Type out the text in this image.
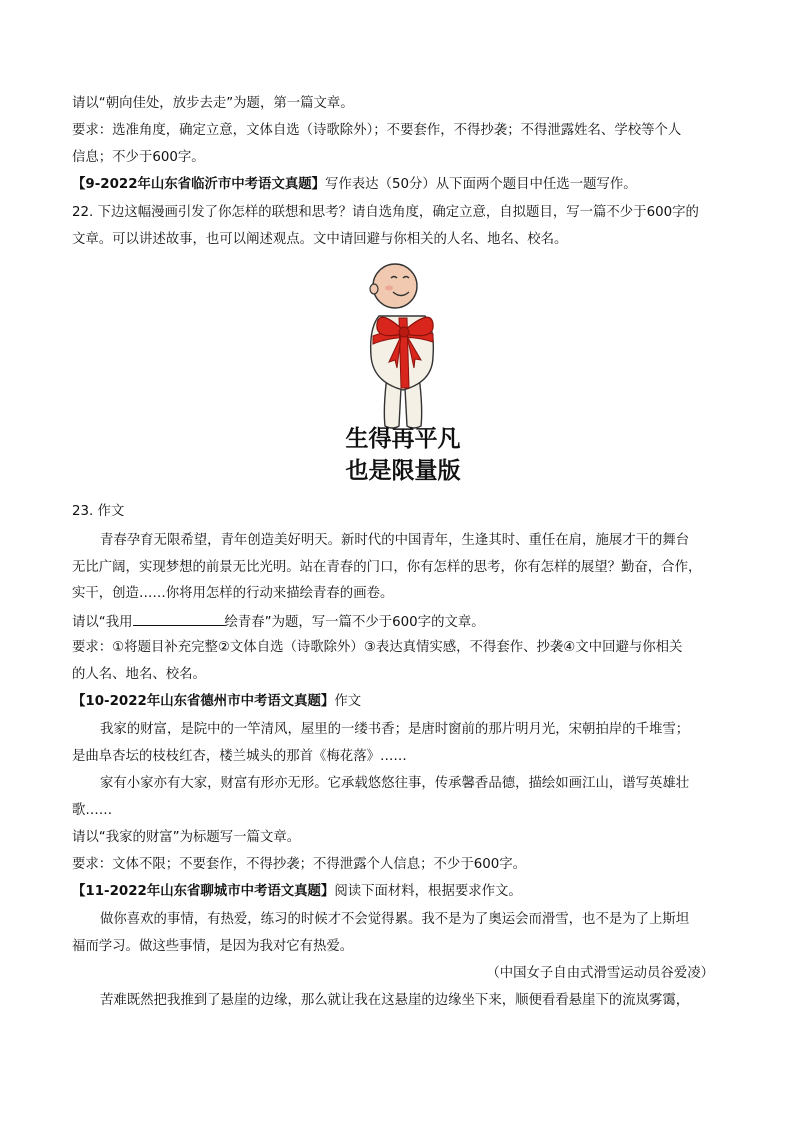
请以“朝向佳处，放步去走”为题，第一篇文章。
要求：选准角度，确定立意，文体自选（诗歌除外）；不要套作，不得抄袭；不得泄露姓名、学校等个人
信息；不少于600字。
【9-2022年山东省临沂市中考语文真题】写作表达（50分）从下面两个题目中任选一题写作。
22. 下边这幅漫画引发了你怎样的联想和思考？请自选角度，确定立意，自拟题目，写一篇不少于600字的
文章。可以讲述故事，也可以阐述观点。文中请回避与你相关的人名、地名、校名。
生得再平凡
也是限量版
23. 作文
青春孕育无限希望，青年创造美好明天。新时代的中国青年，生逢其时、重任在肩，施展才干的舞台
无比广阔，实现梦想的前景无比光明。站在青春的门口，你有怎样的思考，你有怎样的展望？勤奋，合作，
实干，创造……你将用怎样的行动来描绘青春的画卷。
请以“我用	绘青春”为题，写一篇不少于600字的文章。
要求：①将题目补充完整②文体自选（诗歌除外）③表达真情实感，不得套作、抄袭④文中回避与你相关
的人名、地名、校名。
【10-2022年山东省德州市中考语文真题】作文
我家的财富，是院中的一竿清风，屋里的一缕书香；是唐时窗前的那片明月光，宋朝拍岸的千堆雪；
是曲阜杏坛的枝枝红杏，楼兰城头的那首《梅花落》……
家有小家亦有大家，财富有形亦无形。它承载悠悠往事，传承馨香品德，描绘如画江山，谱写英雄壮
歌……
请以“我家的财富”为标题写一篇文章。
要求：文体不限；不要套作，不得抄袭；不得泄露个人信息；不少于600字。
【11-2022年山东省聊城市中考语文真题】阅读下面材料，根据要求作文。
做你喜欢的事情，有热爱，练习的时候才不会觉得累。我不是为了奥运会而滑雪，也不是为了上斯坦
福而学习。做这些事情，是因为我对它有热爱。
（中国女子自由式滑雪运动员谷爱凌）
苦难既然把我推到了悬崖的边缘，那么就让我在这悬崖的边缘坐下来，顺便看看悬崖下的流岚雾霭，
